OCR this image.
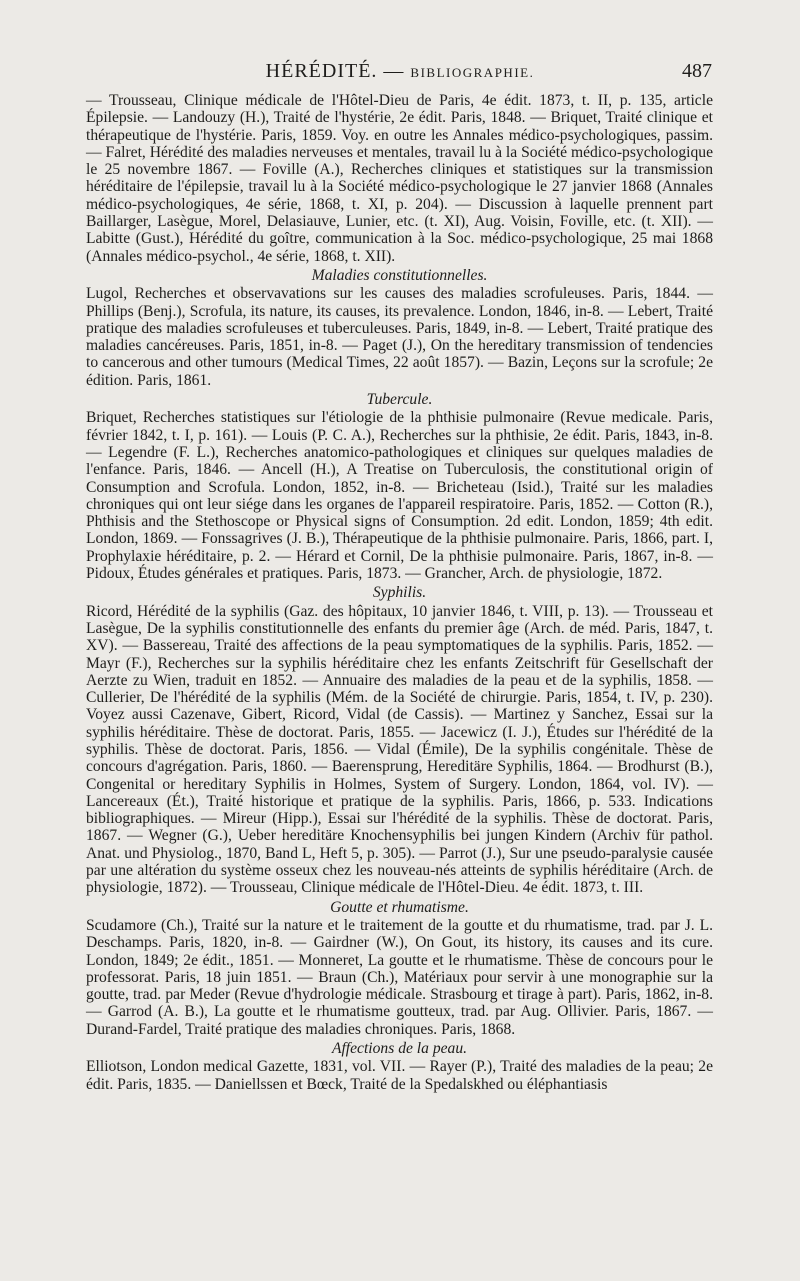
HÉRÉDITÉ. — BIBLIOGRAPHIE.	487

— Trousseau, Clinique médicale de l'Hôtel-Dieu de Paris, 4e édit. 1873, t. II, p. 135, article Épilepsie. — Landouzy (H.), Traité de l'hystérie, 2e édit. Paris, 1848. — Briquet, Traité clinique et thérapeutique de l'hystérie. Paris, 1859. Voy. en outre les Annales médico-psychologiques, passim. — Falret, Hérédité des maladies nerveuses et mentales, travail lu à la Société médico-psychologique le 25 novembre 1867. — Foville (A.), Recherches cliniques et statistiques sur la transmission héréditaire de l'épilepsie, travail lu à la Société médico-psychologique le 27 janvier 1868 (Annales médico-psychologiques, 4e série, 1868, t. XI, p. 204). — Discussion à laquelle prennent part Baillarger, Lasègue, Morel, Delasiauve, Lunier, etc. (t. XI), Aug. Voisin, Foville, etc. (t. XII). — Labitte (Gust.), Hérédité du goître, communication à la Soc. médico-psychologique, 25 mai 1868 (Annales médico-psychol., 4e série, 1868, t. XII).

Maladies constitutionnelles.

Lugol, Recherches et observavations sur les causes des maladies scrofuleuses. Paris, 1844. — Phillips (Benj.), Scrofula, its nature, its causes, its prevalence. London, 1846, in-8. — Lebert, Traité pratique des maladies scrofuleuses et tuberculeuses. Paris, 1849, in-8. — Lebert, Traité pratique des maladies cancéreuses. Paris, 1851, in-8. — Paget (J.), On the hereditary transmission of tendencies to cancerous and other tumours (Medical Times, 22 août 1857). — Bazin, Leçons sur la scrofule; 2e édition. Paris, 1861.

Tubercule.

Briquet, Recherches statistiques sur l'étiologie de la phthisie pulmonaire (Revue medicale. Paris, février 1842, t. I, p. 161). — Louis (P. C. A.), Recherches sur la phthisie, 2e édit. Paris, 1843, in-8. — Legendre (F. L.), Recherches anatomico-pathologiques et cliniques sur quelques maladies de l'enfance. Paris, 1846. — Ancell (H.), A Treatise on Tuberculosis, the constitutional origin of Consumption and Scrofula. London, 1852, in-8. — Bricheteau (Isid.), Traité sur les maladies chroniques qui ont leur siége dans les organes de l'appareil respiratoire. Paris, 1852. — Cotton (R.), Phthisis and the Stethoscope or Physical signs of Consumption. 2d edit. London, 1859; 4th edit. London, 1869. — Fonssagrives (J. B.), Thérapeutique de la phthisie pulmonaire. Paris, 1866, part. I, Prophylaxie héréditaire, p. 2. — Hérard et Cornil, De la phthisie pulmonaire. Paris, 1867, in-8. — Pidoux, Études générales et pratiques. Paris, 1873. — Grancher, Arch. de physiologie, 1872.

Syphilis.

Ricord, Hérédité de la syphilis (Gaz. des hôpitaux, 10 janvier 1846, t. VIII, p. 13). — Trousseau et Lasègue, De la syphilis constitutionnelle des enfants du premier âge (Arch. de méd. Paris, 1847, t. XV). — Bassereau, Traité des affections de la peau symptomatiques de la syphilis. Paris, 1852. — Mayr (F.), Recherches sur la syphilis héréditaire chez les enfants Zeitschrift für Gesellschaft der Aerzte zu Wien, traduit en 1852. — Annuaire des maladies de la peau et de la syphilis, 1858. — Cullerier, De l'hérédité de la syphilis (Mém. de la Société de chirurgie. Paris, 1854, t. IV, p. 230). Voyez aussi Cazenave, Gibert, Ricord, Vidal (de Cassis). — Martinez y Sanchez, Essai sur la syphilis héréditaire. Thèse de doctorat. Paris, 1855. — Jacewicz (I. J.), Études sur l'hérédité de la syphilis. Thèse de doctorat. Paris, 1856. — Vidal (Émile), De la syphilis congénitale. Thèse de concours d'agrégation. Paris, 1860. — Baerensprung, Hereditäre Syphilis, 1864. — Brodhurst (B.), Congenital or hereditary Syphilis in Holmes, System of Surgery. London, 1864, vol. IV). — Lancereaux (Ét.), Traité historique et pratique de la syphilis. Paris, 1866, p. 533. Indications bibliographiques. — Mireur (Hipp.), Essai sur l'hérédité de la syphilis. Thèse de doctorat. Paris, 1867. — Wegner (G.), Ueber hereditäre Knochensyphilis bei jungen Kindern (Archiv für pathol. Anat. und Physiolog., 1870, Band L, Heft 5, p. 305). — Parrot (J.), Sur une pseudo-paralysie causée par une altération du système osseux chez les nouveau-nés atteints de syphilis héréditaire (Arch. de physiologie, 1872). — Trousseau, Clinique médicale de l'Hôtel-Dieu. 4e édit. 1873, t. III.

Goutte et rhumatisme.

Scudamore (Ch.), Traité sur la nature et le traitement de la goutte et du rhumatisme, trad. par J. L. Deschamps. Paris, 1820, in-8. — Gairdner (W.), On Gout, its history, its causes and its cure. London, 1849; 2e édit., 1851. — Monneret, La goutte et le rhumatisme. Thèse de concours pour le professorat. Paris, 18 juin 1851. — Braun (Ch.), Matériaux pour servir à une monographie sur la goutte, trad. par Meder (Revue d'hydrologie médicale. Strasbourg et tirage à part). Paris, 1862, in-8. — Garrod (A. B.), La goutte et le rhumatisme goutteux, trad. par Aug. Ollivier. Paris, 1867. — Durand-Fardel, Traité pratique des maladies chroniques. Paris, 1868.

Affections de la peau.

Elliotson, London medical Gazette, 1831, vol. VII. — Rayer (P.), Traité des maladies de la peau; 2e édit. Paris, 1835. — Daniellssen et Bœck, Traité de la Spedalskhed ou éléphantiasis
